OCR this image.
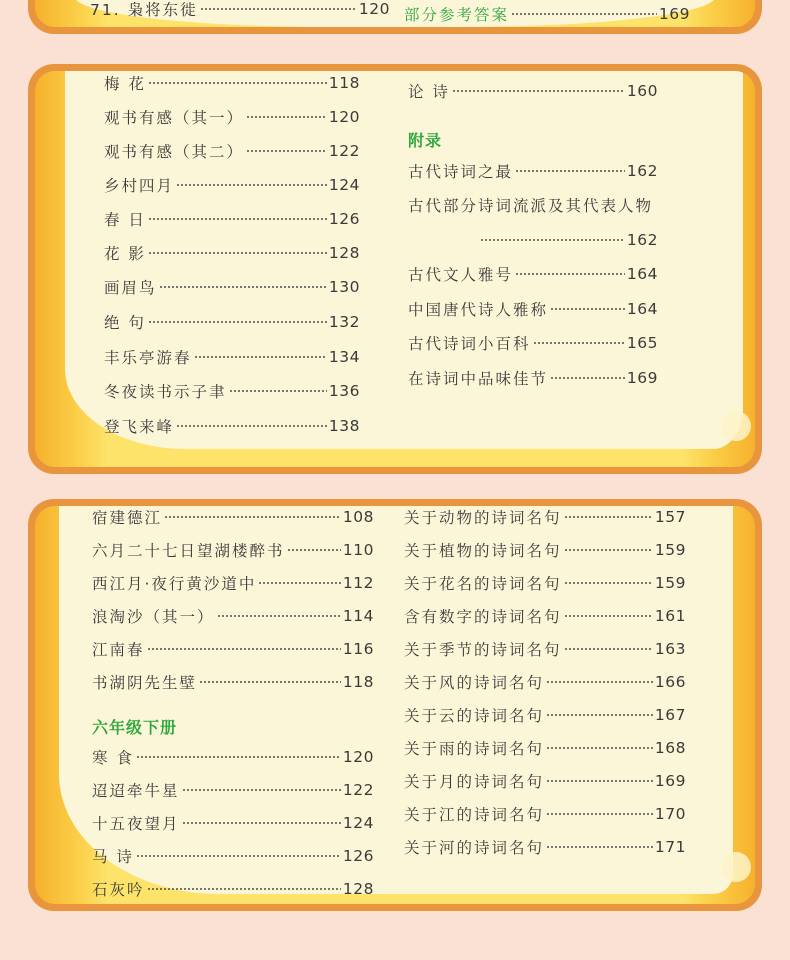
71. 枭将东徙	120 部分参考答案	169
梅 花	118
观书有感（其一）	120
观书有感（其二）	122
乡村四月	124
春 日	126
花 影	128
画眉鸟	130
绝 句	132
丰乐亭游春	134
冬夜读书示子聿	136
登飞来峰	138
论 诗	160
附录
古代诗词之最	162
古代部分诗词流派及其代表人物
162
古代文人雅号	164
中国唐代诗人雅称	164
古代诗词小百科	165
在诗词中品味佳节	169
宿建德江	108
六月二十七日望湖楼醉书	110
西江月·夜行黄沙道中	112
浪淘沙（其一）	114
江南春	116
书湖阴先生壁	118
六年级下册
寒 食	120
迢迢牵牛星	122
十五夜望月	124
马 诗	126
石灰吟	128
关于动物的诗词名句	157
关于植物的诗词名句	159
关于花名的诗词名句	159
含有数字的诗词名句	161
关于季节的诗词名句	163
关于风的诗词名句	166
关于云的诗词名句	167
关于雨的诗词名句	168
关于月的诗词名句	169
关于江的诗词名句	170
关于河的诗词名句	171
